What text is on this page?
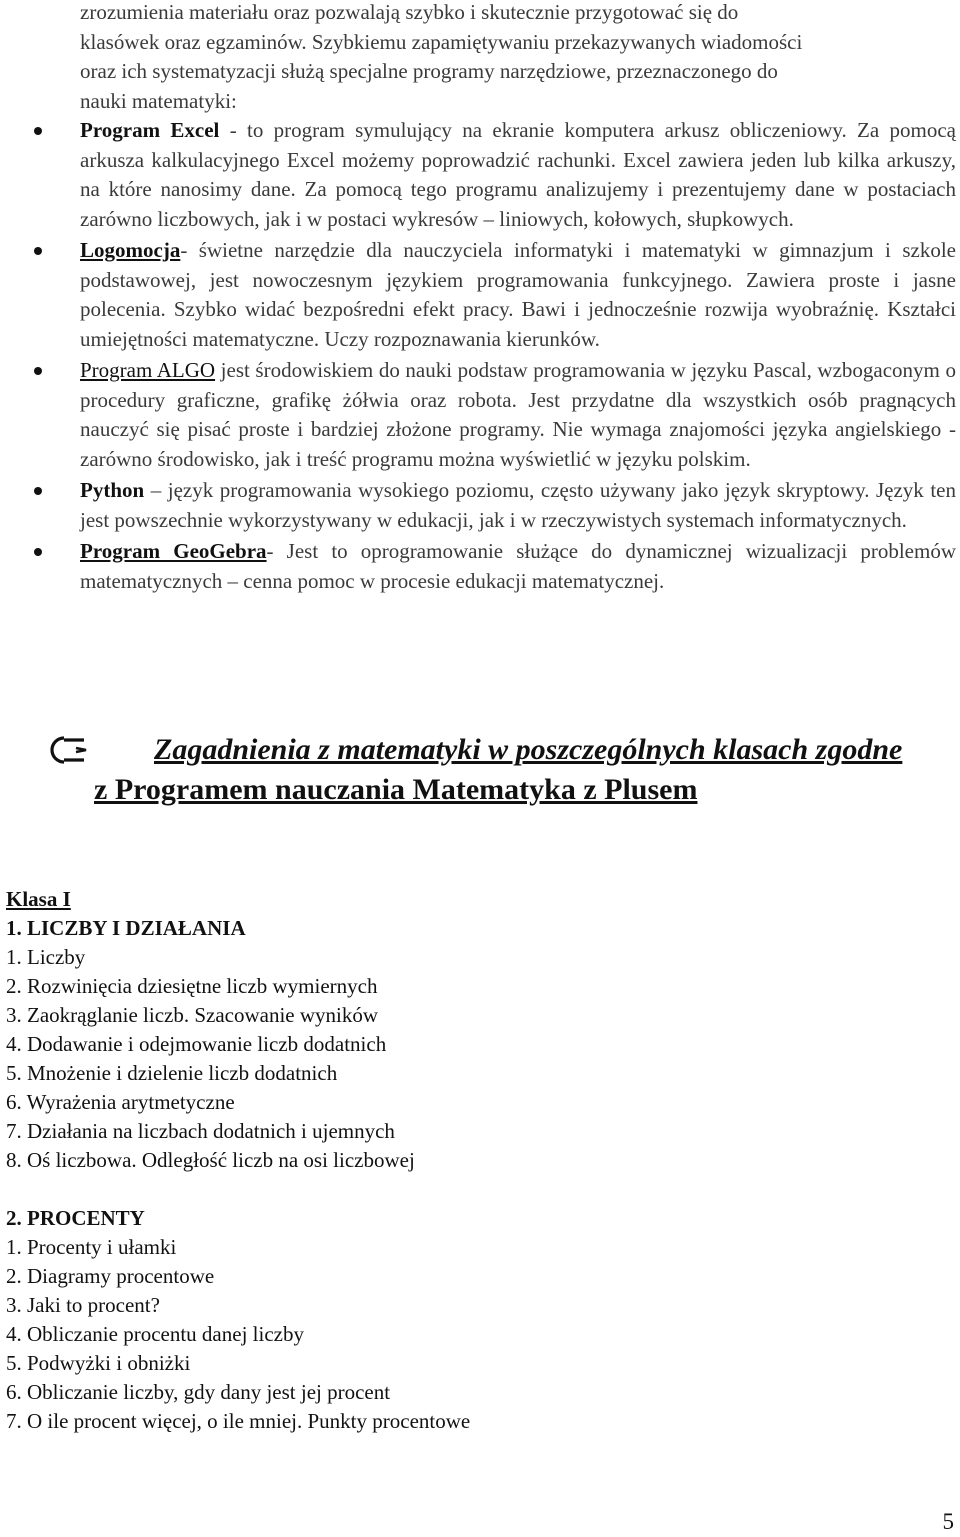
zrozumienia materiału oraz pozwalają szybko i skutecznie przygotować się do
klasówek oraz egzaminów. Szybkiemu zapamiętywaniu przekazywanych wiadomości
oraz ich systematyzacji służą specjalne programy narzędziowe, przeznaczonego do
nauki matematyki:
Program Excel - to program symulujący na ekranie komputera arkusz obliczeniowy. Za pomocą arkusza kalkulacyjnego Excel możemy poprowadzić rachunki. Excel zawiera jeden lub kilka arkuszy, na które nanosimy dane. Za pomocą tego programu analizujemy i prezentujemy dane w postaciach zarówno liczbowych, jak i w postaci wykresów – liniowych, kołowych, słupkowych.
Logomocja- świetne narzędzie dla nauczyciela informatyki i matematyki w gimnazjum i szkole podstawowej, jest nowoczesnym językiem programowania funkcyjnego. Zawiera proste i jasne polecenia. Szybko widać bezpośredni efekt pracy. Bawi i jednocześnie rozwija wyobraźnię. Kształci umiejętności matematyczne. Uczy rozpoznawania kierunków.
Program ALGO jest środowiskiem do nauki podstaw programowania w języku Pascal, wzbogaconym o procedury graficzne, grafikę żółwia oraz robota. Jest przydatne dla wszystkich osób pragnących nauczyć się pisać proste i bardziej złożone programy. Nie wymaga znajomości języka angielskiego - zarówno środowisko, jak i treść programu można wyświetlić w języku polskim.
Python – język programowania wysokiego poziomu, często używany jako język skryptowy. Język ten jest powszechnie wykorzystywany w edukacji, jak i w rzeczywistych systemach informatycznych.
Program GeoGebra- Jest to oprogramowanie służące do dynamicznej wizualizacji problemów matematycznych – cenna pomoc w procesie edukacji matematycznej.
Zagadnienia z matematyki w poszczególnych klasach zgodne
z Programem nauczania Matematyka z Plusem
Klasa I
1. LICZBY I DZIAŁANIA
1. Liczby
2. Rozwinięcia dziesiętne liczb wymiernych
3. Zaokrąglanie liczb. Szacowanie wyników
4. Dodawanie i odejmowanie liczb dodatnich
5. Mnożenie i dzielenie liczb dodatnich
6. Wyrażenia arytmetyczne
7. Działania na liczbach dodatnich i ujemnych
8. Oś liczbowa. Odległość liczb na osi liczbowej
2. PROCENTY
1. Procenty i ułamki
2. Diagramy procentowe
3. Jaki to procent?
4. Obliczanie procentu danej liczby
5. Podwyżki i obniżki
6. Obliczanie liczby, gdy dany jest jej procent
7. O ile procent więcej, o ile mniej. Punkty procentowe
5
